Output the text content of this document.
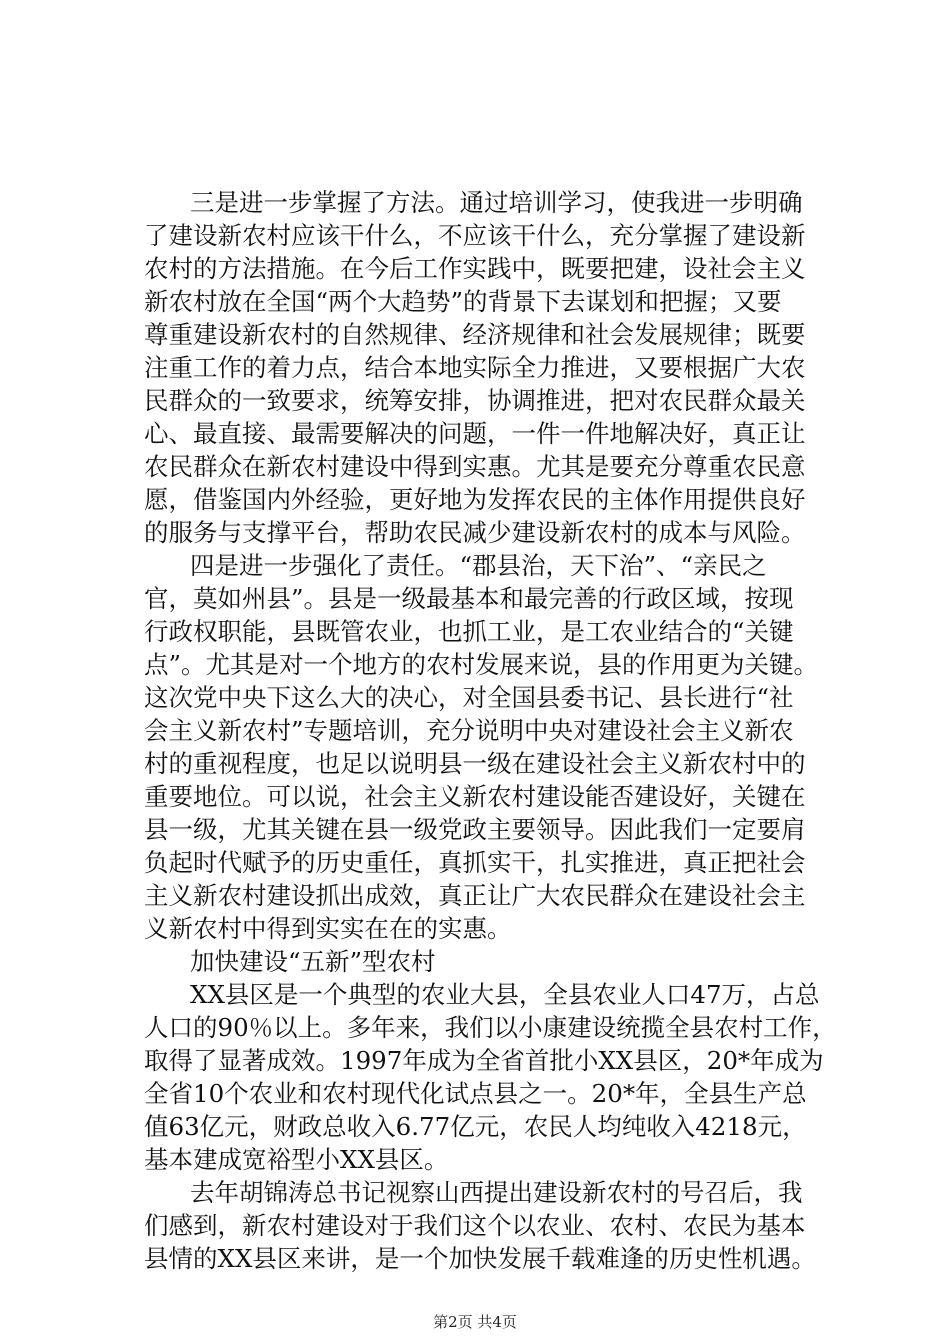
三是进一步掌握了方法。通过培训学习，使我进一步明确
了建设新农村应该干什么，不应该干什么，充分掌握了建设新
农村的方法措施。在今后工作实践中，既要把建，设社会主义
新农村放在全国“两个大趋势”的背景下去谋划和把握；又要
尊重建设新农村的自然规律、经济规律和社会发展规律；既要
注重工作的着力点，结合本地实际全力推进，又要根据广大农
民群众的一致要求，统筹安排，协调推进，把对农民群众最关
心、最直接、最需要解决的问题，一件一件地解决好，真正让
农民群众在新农村建设中得到实惠。尤其是要充分尊重农民意
愿，借鉴国内外经验，更好地为发挥农民的主体作用提供良好
的服务与支撑平台，帮助农民减少建设新农村的成本与风险。
四是进一步强化了责任。“郡县治，天下治”、“亲民之
官，莫如州县”。县是一级最基本和最完善的行政区域，按现
行政权职能，县既管农业，也抓工业，是工农业结合的“关键
点”。尤其是对一个地方的农村发展来说，县的作用更为关键。
这次党中央下这么大的决心，对全国县委书记、县长进行“社
会主义新农村”专题培训，充分说明中央对建设社会主义新农
村的重视程度，也足以说明县一级在建设社会主义新农村中的
重要地位。可以说，社会主义新农村建设能否建设好，关键在
县一级，尤其关键在县一级党政主要领导。因此我们一定要肩
负起时代赋予的历史重任，真抓实干，扎实推进，真正把社会
主义新农村建设抓出成效，真正让广大农民群众在建设社会主
义新农村中得到实实在在的实惠。
加快建设“五新”型农村
XX县区是一个典型的农业大县，全县农业人口47万，占总
人口的90％以上。多年来，我们以小康建设统揽全县农村工作，
取得了显著成效。1997年成为全省首批小XX县区，20*年成为
全省10个农业和农村现代化试点县之一。20*年，全县生产总
值63亿元，财政总收入6.77亿元，农民人均纯收入4218元，
基本建成宽裕型小XX县区。
去年胡锦涛总书记视察山西提出建设新农村的号召后，我
们感到，新农村建设对于我们这个以农业、农村、农民为基本
县情的XX县区来讲，是一个加快发展千载难逢的历史性机遇。
第2页 共4页
